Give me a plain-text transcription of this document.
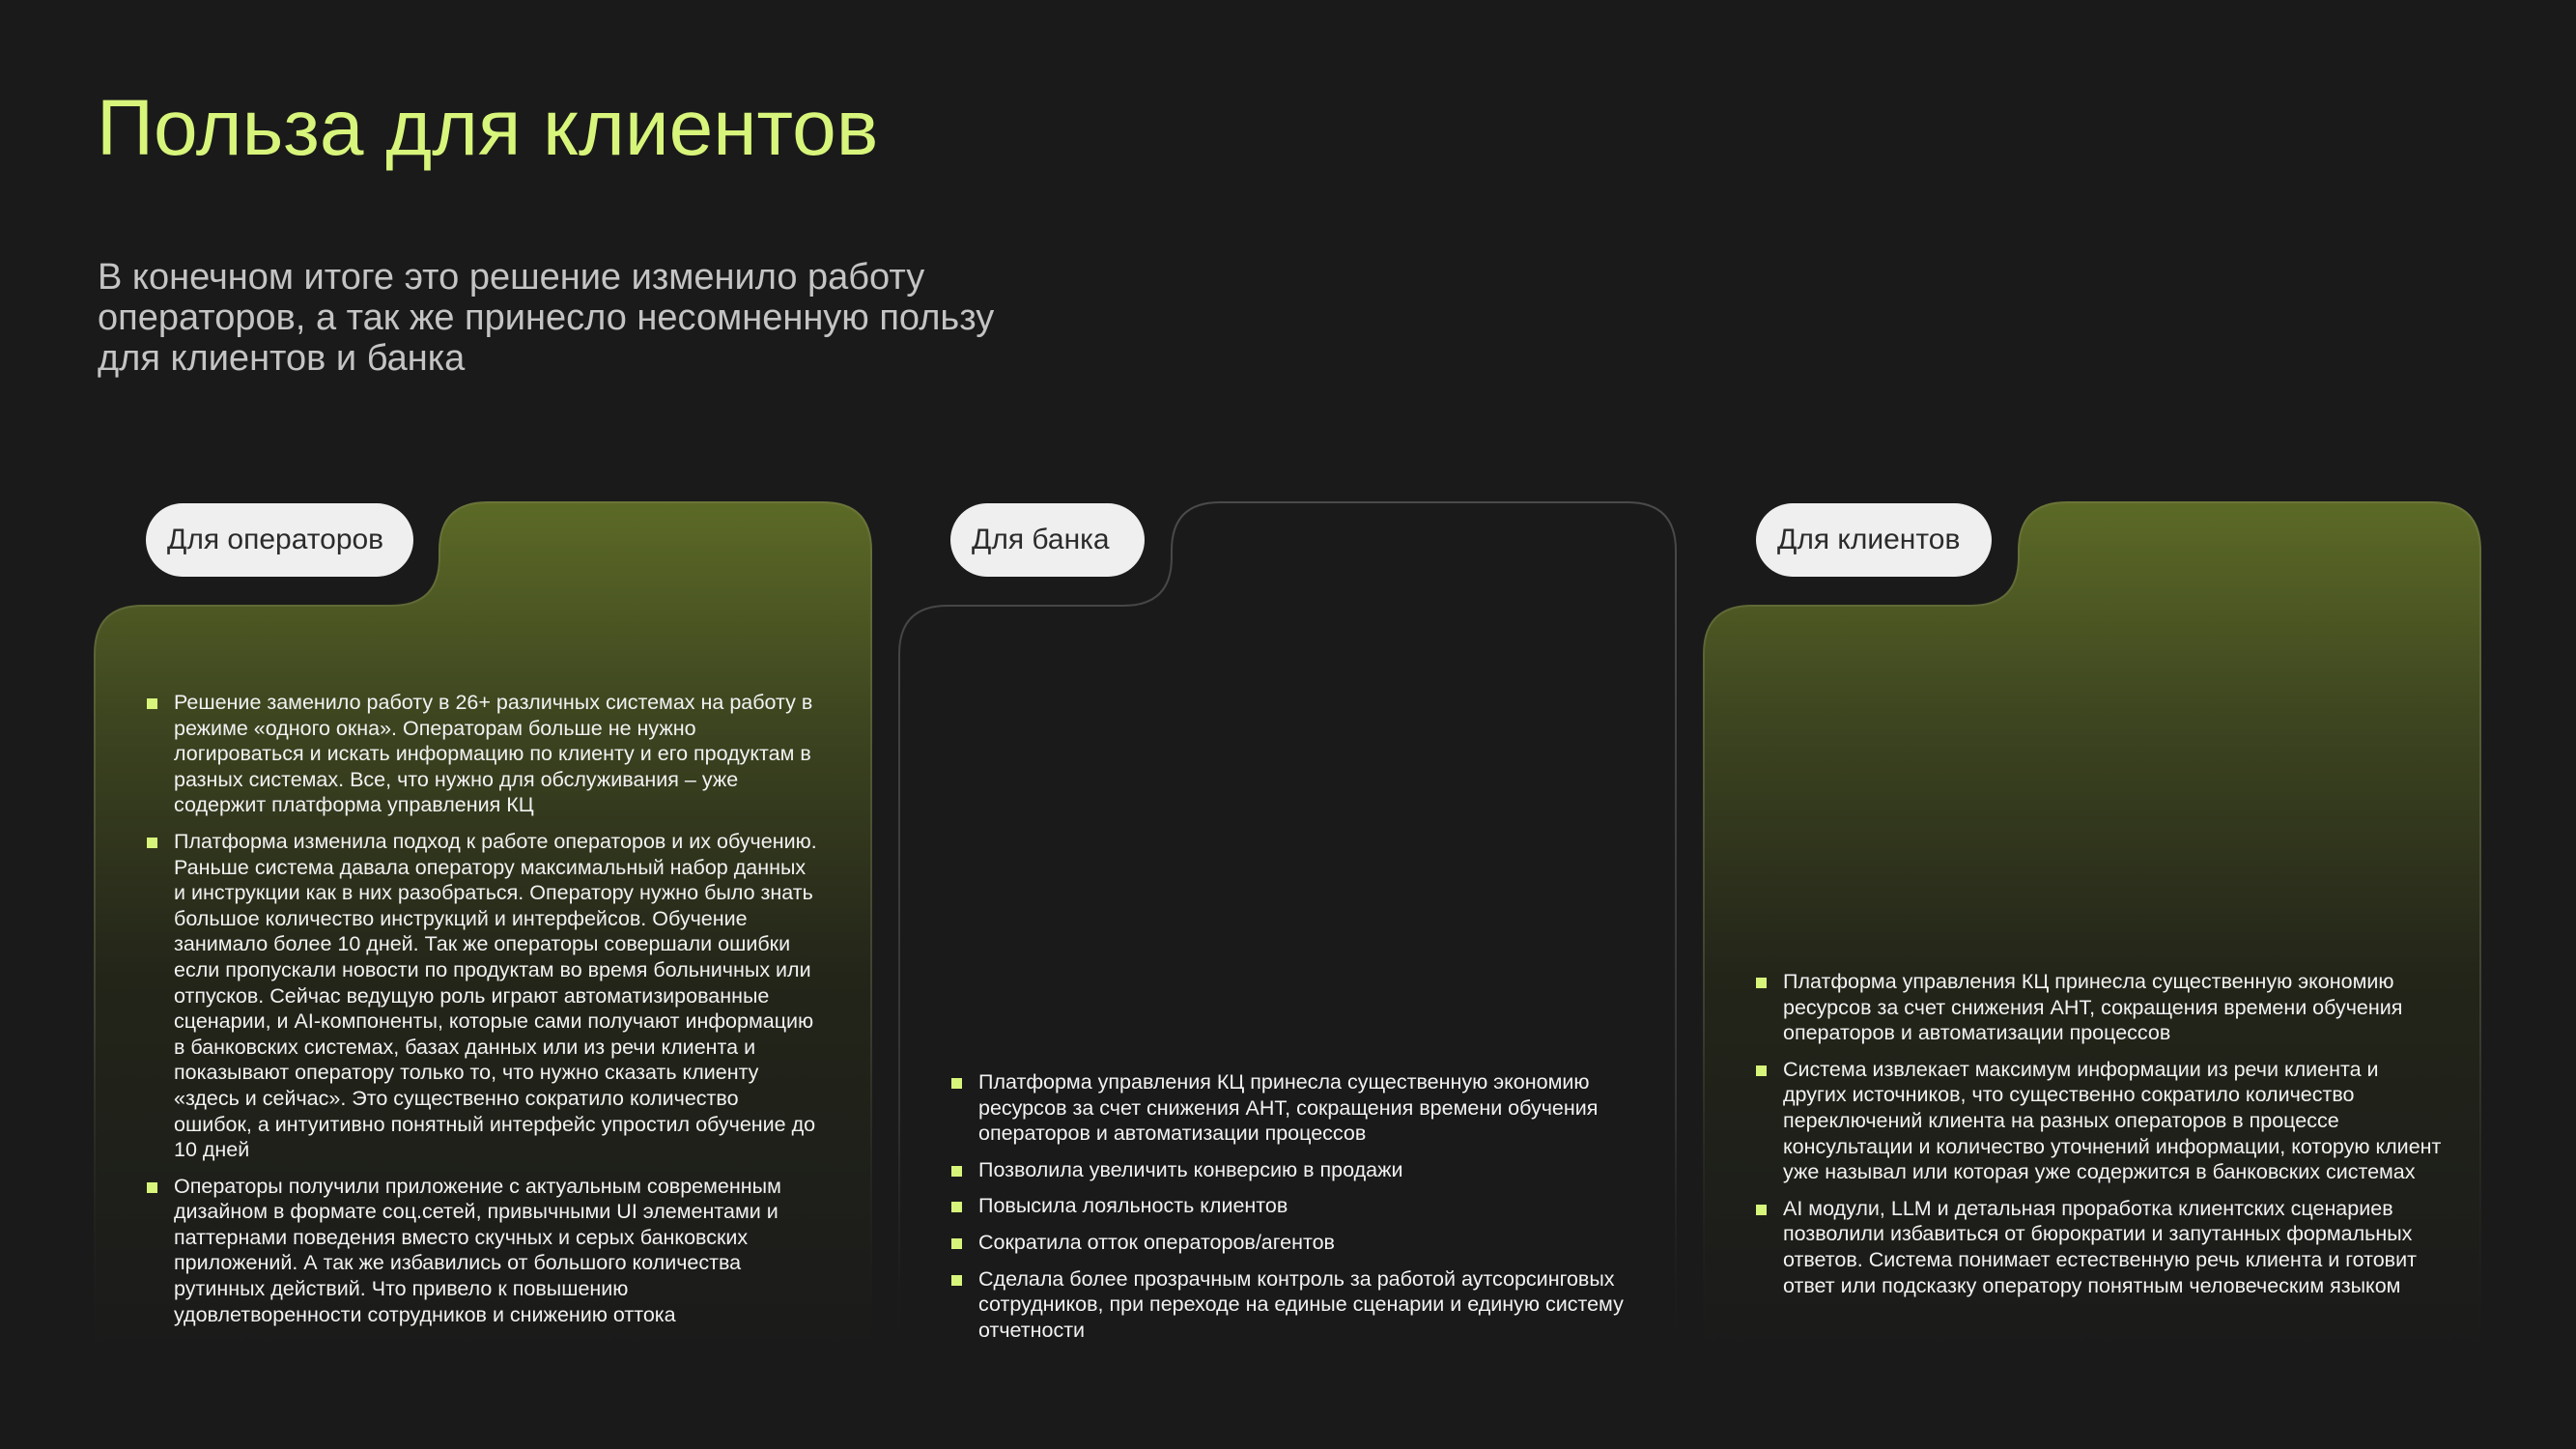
Польза для клиентов

В конечном итоге это решение изменило работу операторов, а так же принесло несомненную пользу для клиентов и банка

Для операторов	Для банка	Для клиентов
Решение заменило работу в 26+ различных системах на работу в режиме «одного окна». Операторам больше не нужно логироваться и искать информацию по клиенту и его продуктам в разных системах. Все, что нужно для обслуживания – уже содержит платформа управления КЦ
Платформа изменила подход к работе операторов и их обучению. Раньше система давала оператору максимальный набор данных и инструкции как в них разобраться. Оператору нужно было знать большое количество инструкций и интерфейсов. Обучение занимало более 10 дней. Так же операторы совершали ошибки если пропускали новости по продуктам во время больничных или отпусков. Сейчас ведущую роль играют автоматизированные сценарии, и AI-компоненты, которые сами получают информацию в банковских системах, базах данных или из речи клиента и показывают оператору только то, что нужно сказать клиенту «здесь и сейчас». Это существенно сократило количество ошибок, а интуитивно понятный интерфейс упростил обучение до 10 дней
Операторы получили приложение с актуальным современным дизайном в формате соц.сетей, привычными UI элементами и паттернами поведения вместо скучных и серых банковских приложений. А так же избавились от большого количества рутинных действий. Что привело к повышению удовлетворенности сотрудников и снижению оттока
Платформа управления КЦ принесла существенную экономию ресурсов за счет снижения АНТ, сокращения времени обучения операторов и автоматизации процессов
Позволила увеличить конверсию в продажи
Повысила лояльность клиентов
Сократила отток операторов/агентов
Сделала более прозрачным контроль за работой аутсорсинговых сотрудников, при переходе на единые сценарии и единую систему отчетности
Платформа управления КЦ принесла существенную экономию ресурсов за счет снижения АНТ, сокращения времени обучения операторов и автоматизации процессов
Система извлекает максимум информации из речи клиента и других источников, что существенно сократило количество переключений клиента на разных операторов в процессе консультации и количество уточнений информации, которую клиент уже называл или которая уже содержится в банковских системах
AI модули, LLM и детальная проработка клиентских сценариев позволили избавиться от бюрократии и запутанных формальных ответов. Система понимает естественную речь клиента и готовит ответ или подсказку оператору понятным человеческим языком
